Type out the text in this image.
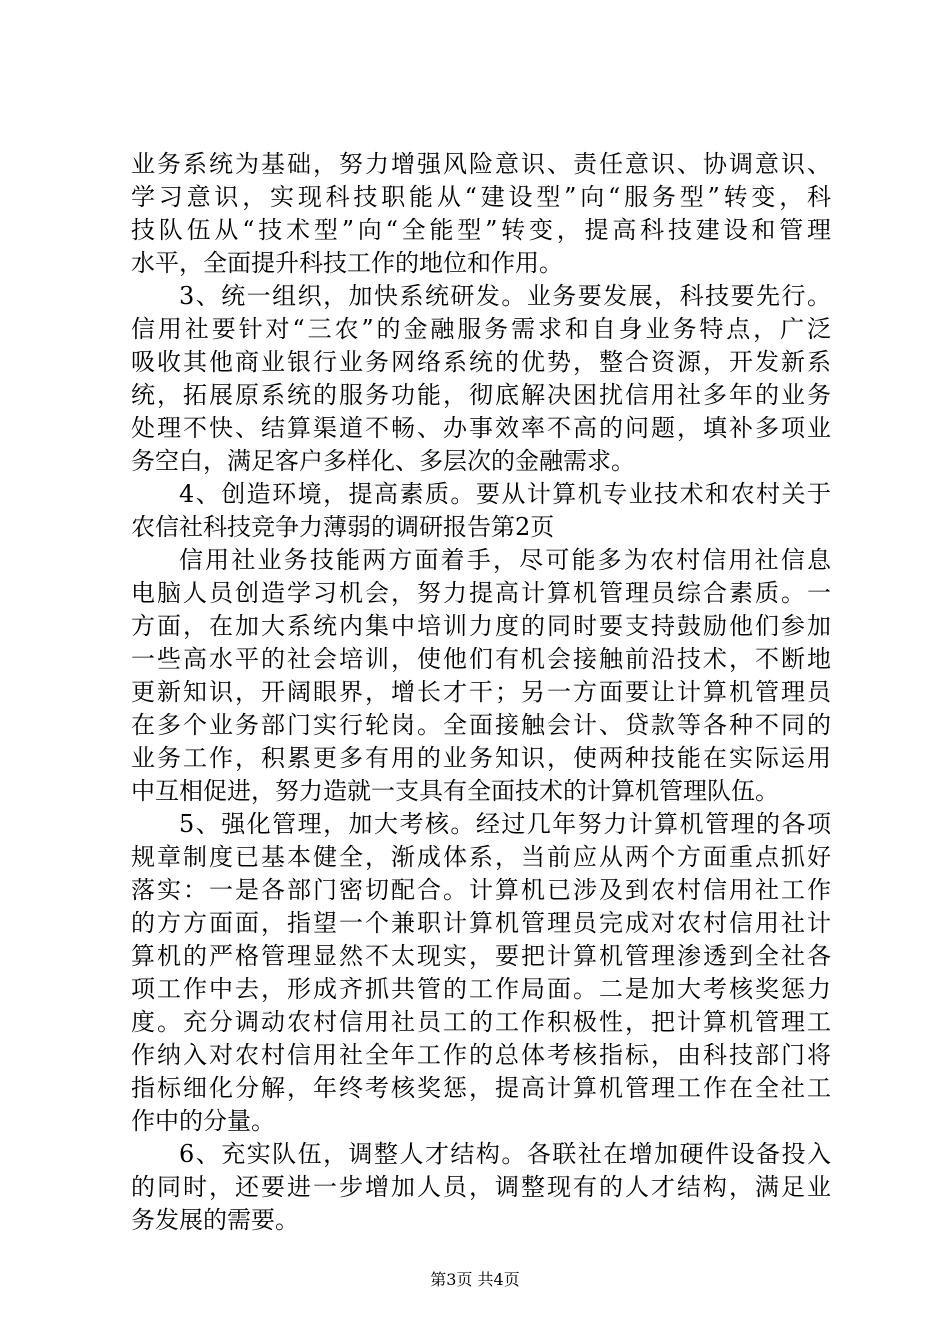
业务系统为基础，努力增强风险意识、责任意识、协调意识、
学习意识，实现科技职能从“建设型”向“服务型”转变，科
技队伍从“技术型”向“全能型”转变，提高科技建设和管理
水平，全面提升科技工作的地位和作用。
3、统一组织，加快系统研发。业务要发展，科技要先行。
信用社要针对“三农”的金融服务需求和自身业务特点，广泛
吸收其他商业银行业务网络系统的优势，整合资源，开发新系
统，拓展原系统的服务功能，彻底解决困扰信用社多年的业务
处理不快、结算渠道不畅、办事效率不高的问题，填补多项业
务空白，满足客户多样化、多层次的金融需求。
4、创造环境，提高素质。要从计算机专业技术和农村关于
农信社科技竞争力薄弱的调研报告第2页
信用社业务技能两方面着手，尽可能多为农村信用社信息
电脑人员创造学习机会，努力提高计算机管理员综合素质。一
方面，在加大系统内集中培训力度的同时要支持鼓励他们参加
一些高水平的社会培训，使他们有机会接触前沿技术，不断地
更新知识，开阔眼界，增长才干；另一方面要让计算机管理员
在多个业务部门实行轮岗。全面接触会计、贷款等各种不同的
业务工作，积累更多有用的业务知识，使两种技能在实际运用
中互相促进，努力造就一支具有全面技术的计算机管理队伍。
5、强化管理，加大考核。经过几年努力计算机管理的各项
规章制度已基本健全，渐成体系，当前应从两个方面重点抓好
落实：一是各部门密切配合。计算机已涉及到农村信用社工作
的方方面面，指望一个兼职计算机管理员完成对农村信用社计
算机的严格管理显然不太现实，要把计算机管理渗透到全社各
项工作中去，形成齐抓共管的工作局面。二是加大考核奖惩力
度。充分调动农村信用社员工的工作积极性，把计算机管理工
作纳入对农村信用社全年工作的总体考核指标，由科技部门将
指标细化分解，年终考核奖惩，提高计算机管理工作在全社工
作中的分量。
6、充实队伍，调整人才结构。各联社在增加硬件设备投入
的同时，还要进一步增加人员，调整现有的人才结构，满足业
务发展的需要。
第3页 共4页
